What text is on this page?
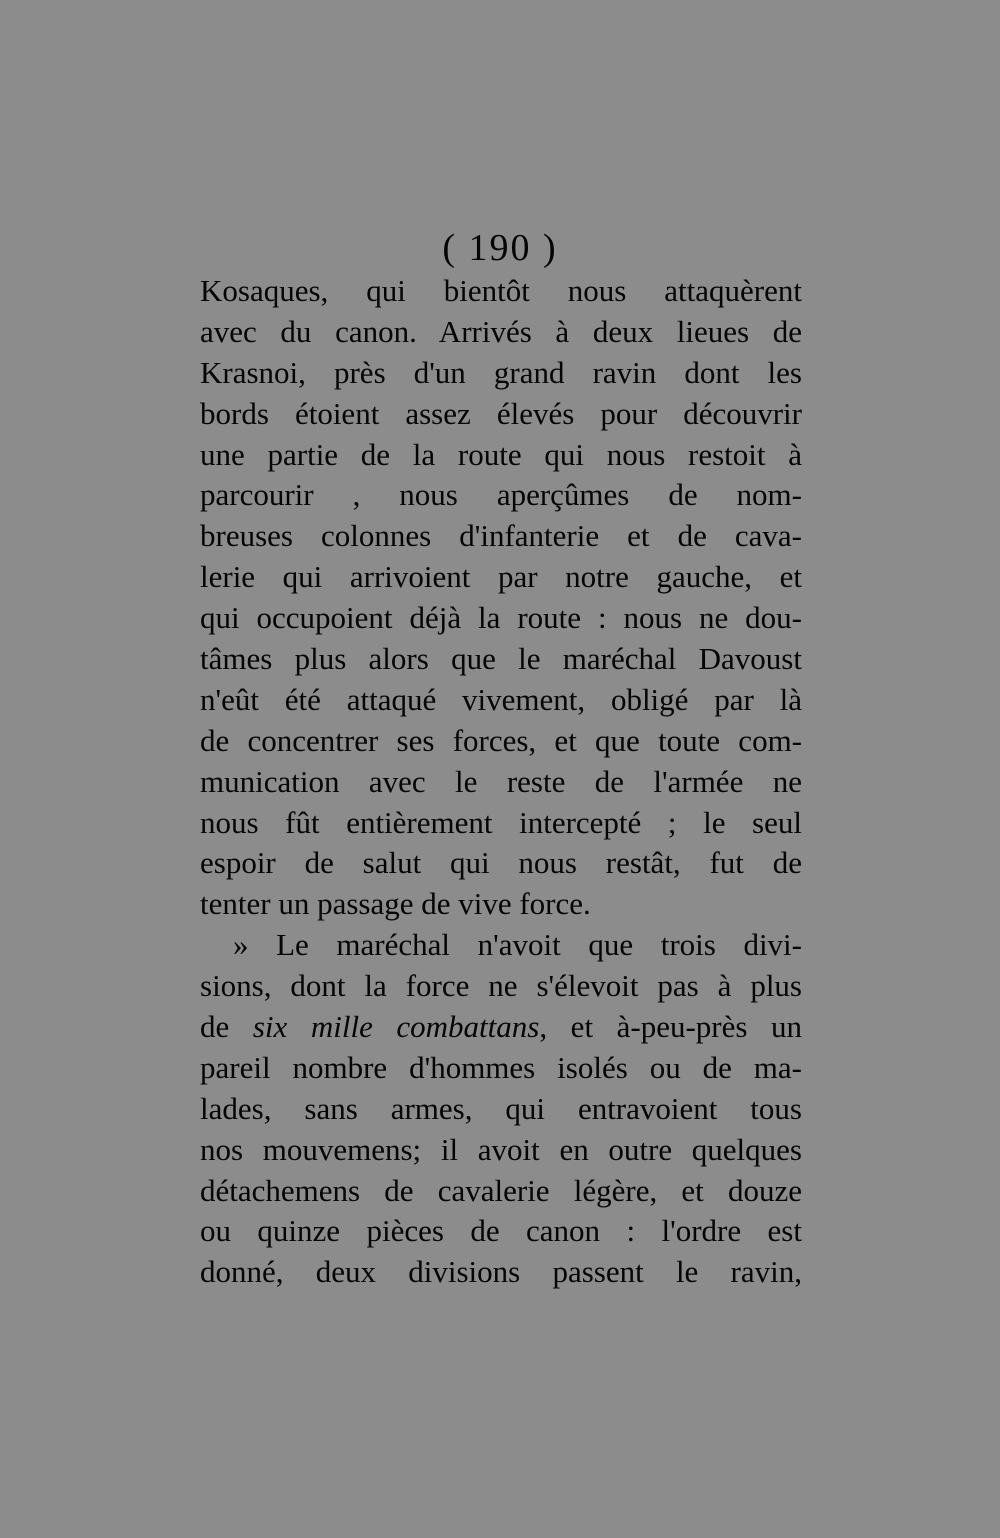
( 190 )
Kosaques, qui bientôt nous attaquèrent
avec du canon. Arrivés à deux lieues de
Krasnoi, près d'un grand ravin dont les
bords étoient assez élevés pour découvrir
une partie de la route qui nous restoit à
parcourir , nous aperçûmes de nom-
breuses colonnes d'infanterie et de cava-
lerie qui arrivoient par notre gauche, et
qui occupoient déjà la route : nous ne dou-
tâmes plus alors que le maréchal Davoust
n'eût été attaqué vivement, obligé par là
de concentrer ses forces, et que toute com-
munication avec le reste de l'armée ne
nous fût entièrement intercepté ; le seul
espoir de salut qui nous restât, fut de
tenter un passage de vive force.
» Le maréchal n'avoit que trois divi-
sions, dont la force ne s'élevoit pas à plus
de six mille combattans, et à-peu-près un
pareil nombre d'hommes isolés ou de ma-
lades, sans armes, qui entravoient tous
nos mouvemens; il avoit en outre quelques
détachemens de cavalerie légère, et douze
ou quinze pièces de canon : l'ordre est
donné, deux divisions passent le ravin,
